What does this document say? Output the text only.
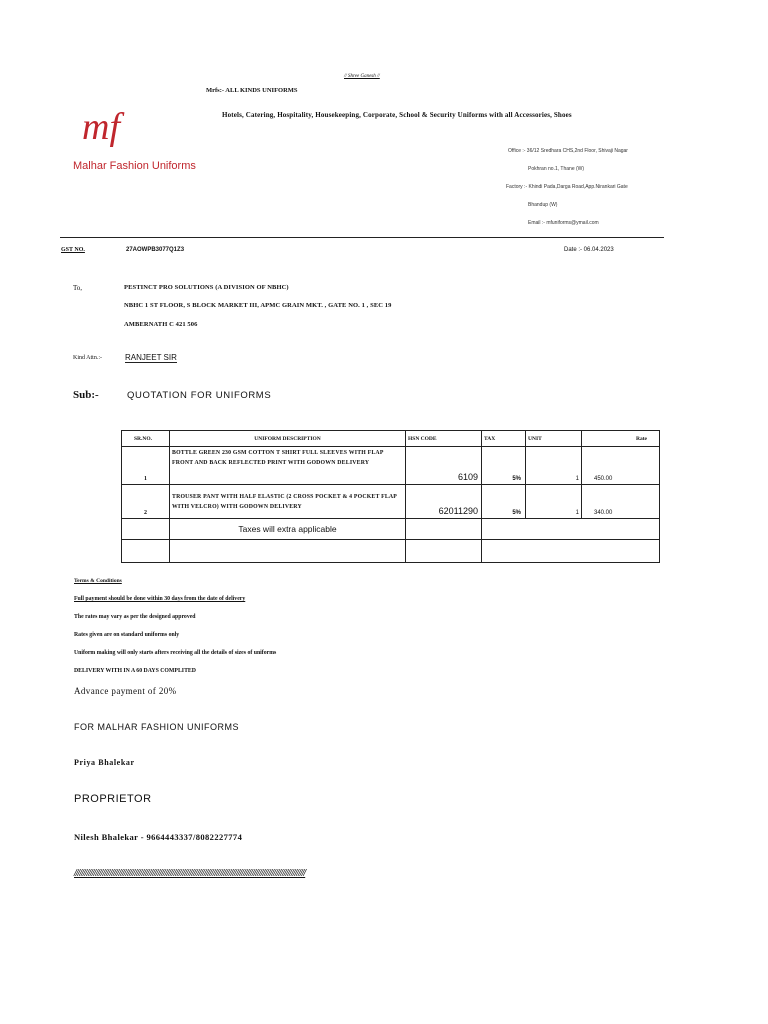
// Shree Ganesh //
Mrfs:- ALL KINDS UNIFORMS
Hotels, Catering, Hospitality, Housekeeping, Corporate, School & Security Uniforms with all Accessories, Shoes
mf
Malhar Fashion Uniforms
Office :- 36/12 Sredhara CHS,2nd Floor, Shivaji Nagar
Pokhran no.1, Thane (W)
Factory :- Khindi Pada,Darga Road,App.Nirankari Gate
Bhandup (W)
Email :- mfuniforms@ymail.com
GST NO.	27AOWPB3077Q1Z3	Date :- 06.04.2023
To,	PESTINCT PRO SOLUTIONS (A DIVISION OF NBHC)
NBHC 1 ST FLOOR, S BLOCK MARKET III, APMC GRAIN MKT. , GATE NO. 1 , SEC 19
AMBERNATH C 421 506
Kind Attn.:-	RANJEET SIR
Sub:-	QUOTATION FOR UNIFORMS
SR.NO.	UNIFORM DESCRIPTION	HSN CODE	TAX	UNIT	Rate
1	BOTTLE GREEN 230 GSM COTTON T SHIRT FULL SLEEVES WITH FLAP FRONT AND BACK REFLECTED PRINT WITH GODOWN DELIVERY	6109	5%	1	450.00
2	TROUSER PANT WITH HALF ELASTIC (2 CROSS POCKET & 4 POCKET FLAP WITH VELCRO) WITH GODOWN DELIVERY	62011290	5%	1	340.00
	Taxes will extra applicable				

Terms & Conditions
Full payment should be done within 30 days from the date of delivery
The rates may vary as per the designed approved
Rates given are on standard uniforms only
Uniform making will only starts afters receiving all the details of sizes of uniforms
DELIVERY WITH IN A 60 DAYS COMPLITED
Advance payment of 20%
FOR MALHAR FASHION UNIFORMS
Priya Bhalekar
PROPRIETOR
Nilesh Bhalekar - 9664443337/8082227774
//////////////////////////////////////////////////////////////////////////////////////////////////////////////////////////////////
